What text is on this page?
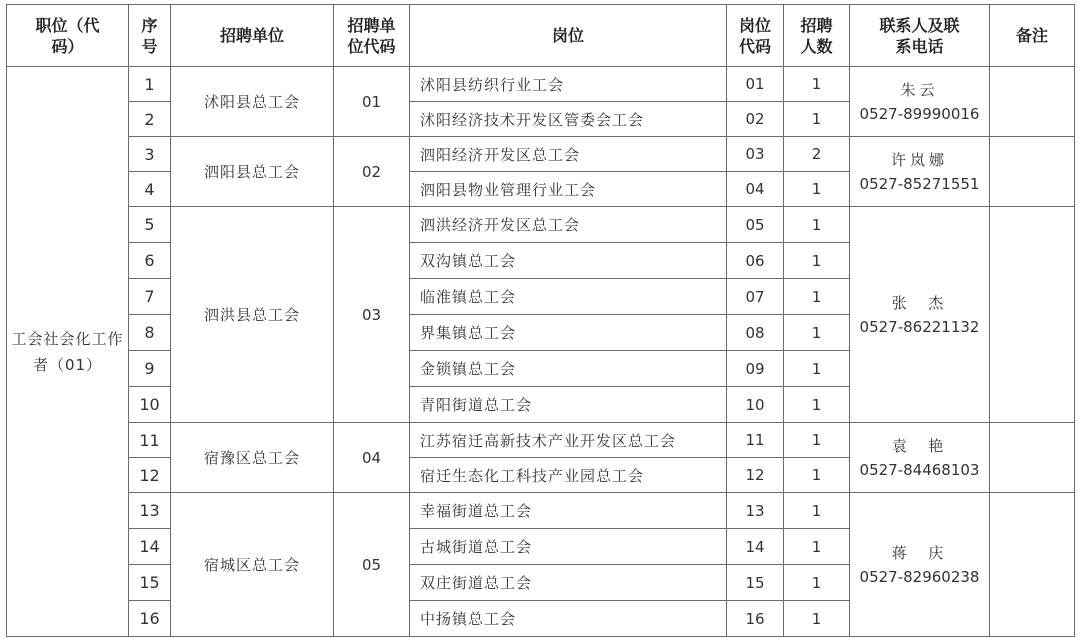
职位（代码）	序号	招聘单位	招聘单位代码	岗位	岗位代码	招聘人数	联系人及联系电话	备注
工会社会化工作者（01）	1	沭阳县总工会	01	沭阳县纺织行业工会	01	1	朱云
0527-89990016	

	2			沭阳经济技术开发区管委会工会	02	1		
	3	泗阳县总工会	02	泗阳经济开发区总工会	03	2	许岚娜
0527-85271551	

	4			泗阳县物业管理行业工会	04	1		
	5	泗洪县总工会	03	泗洪经济开发区总工会	05	1	张  杰
0527-86221132	

	6			双沟镇总工会	06	1		
	7			临淮镇总工会	07	1		
	8			界集镇总工会	08	1		
	9			金锁镇总工会	09	1		
	10			青阳街道总工会	10	1		
	11	宿豫区总工会	04	江苏宿迁高新技术产业开发区总工会	11	1	袁  艳
0527-84468103	

	12			宿迁生态化工科技产业园总工会	12	1		
	13	宿城区总工会	05	幸福街道总工会	13	1	蒋  庆
0527-82960238	

	14			古城街道总工会	14	1		
	15			双庄街道总工会	15	1		
	16			中扬镇总工会	16	1		
